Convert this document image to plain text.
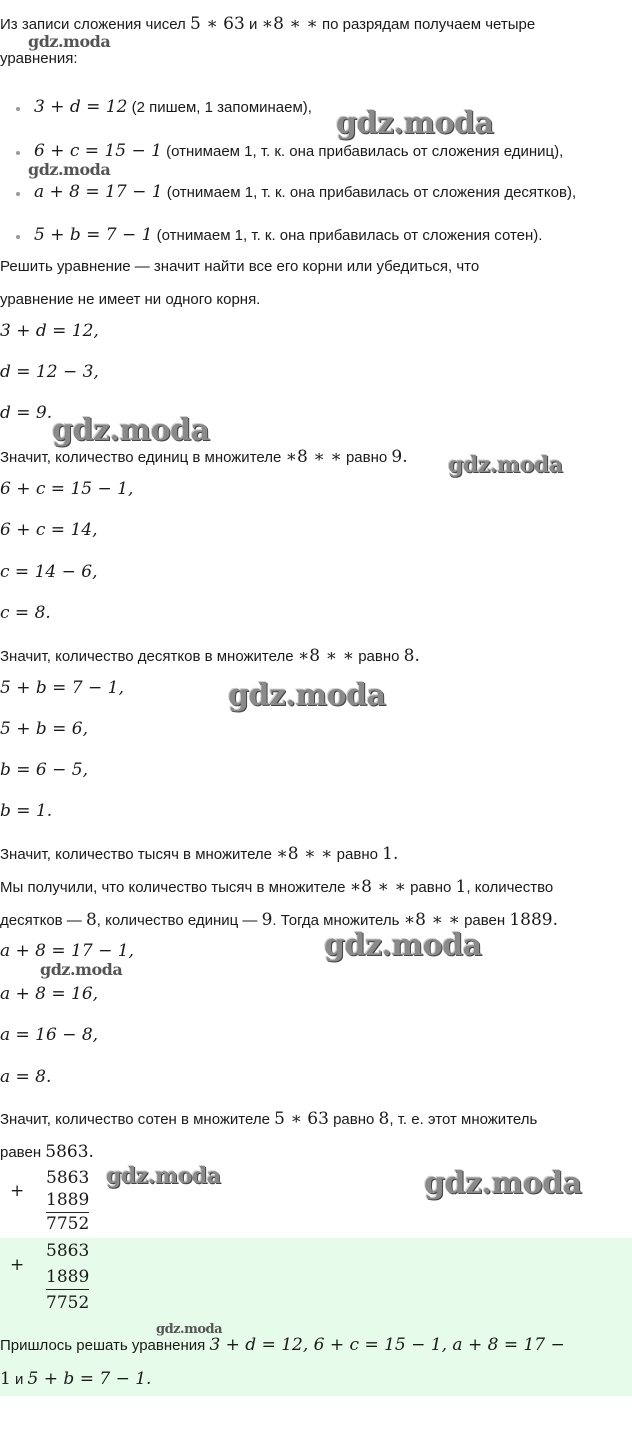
Из записи сложения чисел 5 ∗ 63 и ∗8 ∗ ∗ по разрядам получаем четыре
уравнения:
3 + d = 12 (2 пишем, 1 запоминаем),
6 + c = 15 − 1 (отнимаем 1, т. к. она прибавилась от сложения единиц),
a + 8 = 17 − 1 (отнимаем 1, т. к. она прибавилась от сложения десятков),
5 + b = 7 − 1 (отнимаем 1, т. к. она прибавилась от сложения сотен).
Решить уравнение — значит найти все его корни или убедиться, что
уравнение не имеет ни одного корня.
3 + d = 12,
d = 12 − 3,
d = 9.
Значит, количество единиц в множителе ∗8 ∗ ∗ равно 9.
6 + c = 15 − 1,
6 + c = 14,
c = 14 − 6,
c = 8.
Значит, количество десятков в множителе ∗8 ∗ ∗ равно 8.
5 + b = 7 − 1,
5 + b = 6,
b = 6 − 5,
b = 1.
Значит, количество тысяч в множителе ∗8 ∗ ∗ равно 1.
Мы получили, что количество тысяч в множителе ∗8 ∗ ∗ равно 1, количество
десятков — 8, количество единиц — 9. Тогда множитель ∗8 ∗ ∗ равен 1889.
a + 8 = 17 − 1,
a + 8 = 16,
a = 16 − 8,
a = 8.
Значит, количество сотен в множителе 5 ∗ 63 равно 8, т. е. этот множитель
равен 5863.
+
5863
1889
7752
+
5863
1889
7752
Пришлось решать уравнения 3 + d = 12, 6 + c = 15 − 1, a + 8 = 17 −
1 и 5 + b = 7 − 1.
gdz.moda
gdz.moda
gdz.moda
gdz.moda
gdz.moda
gdz.moda
gdz.moda
gdz.moda
gdz.moda	gdz.moda
gdz.moda
